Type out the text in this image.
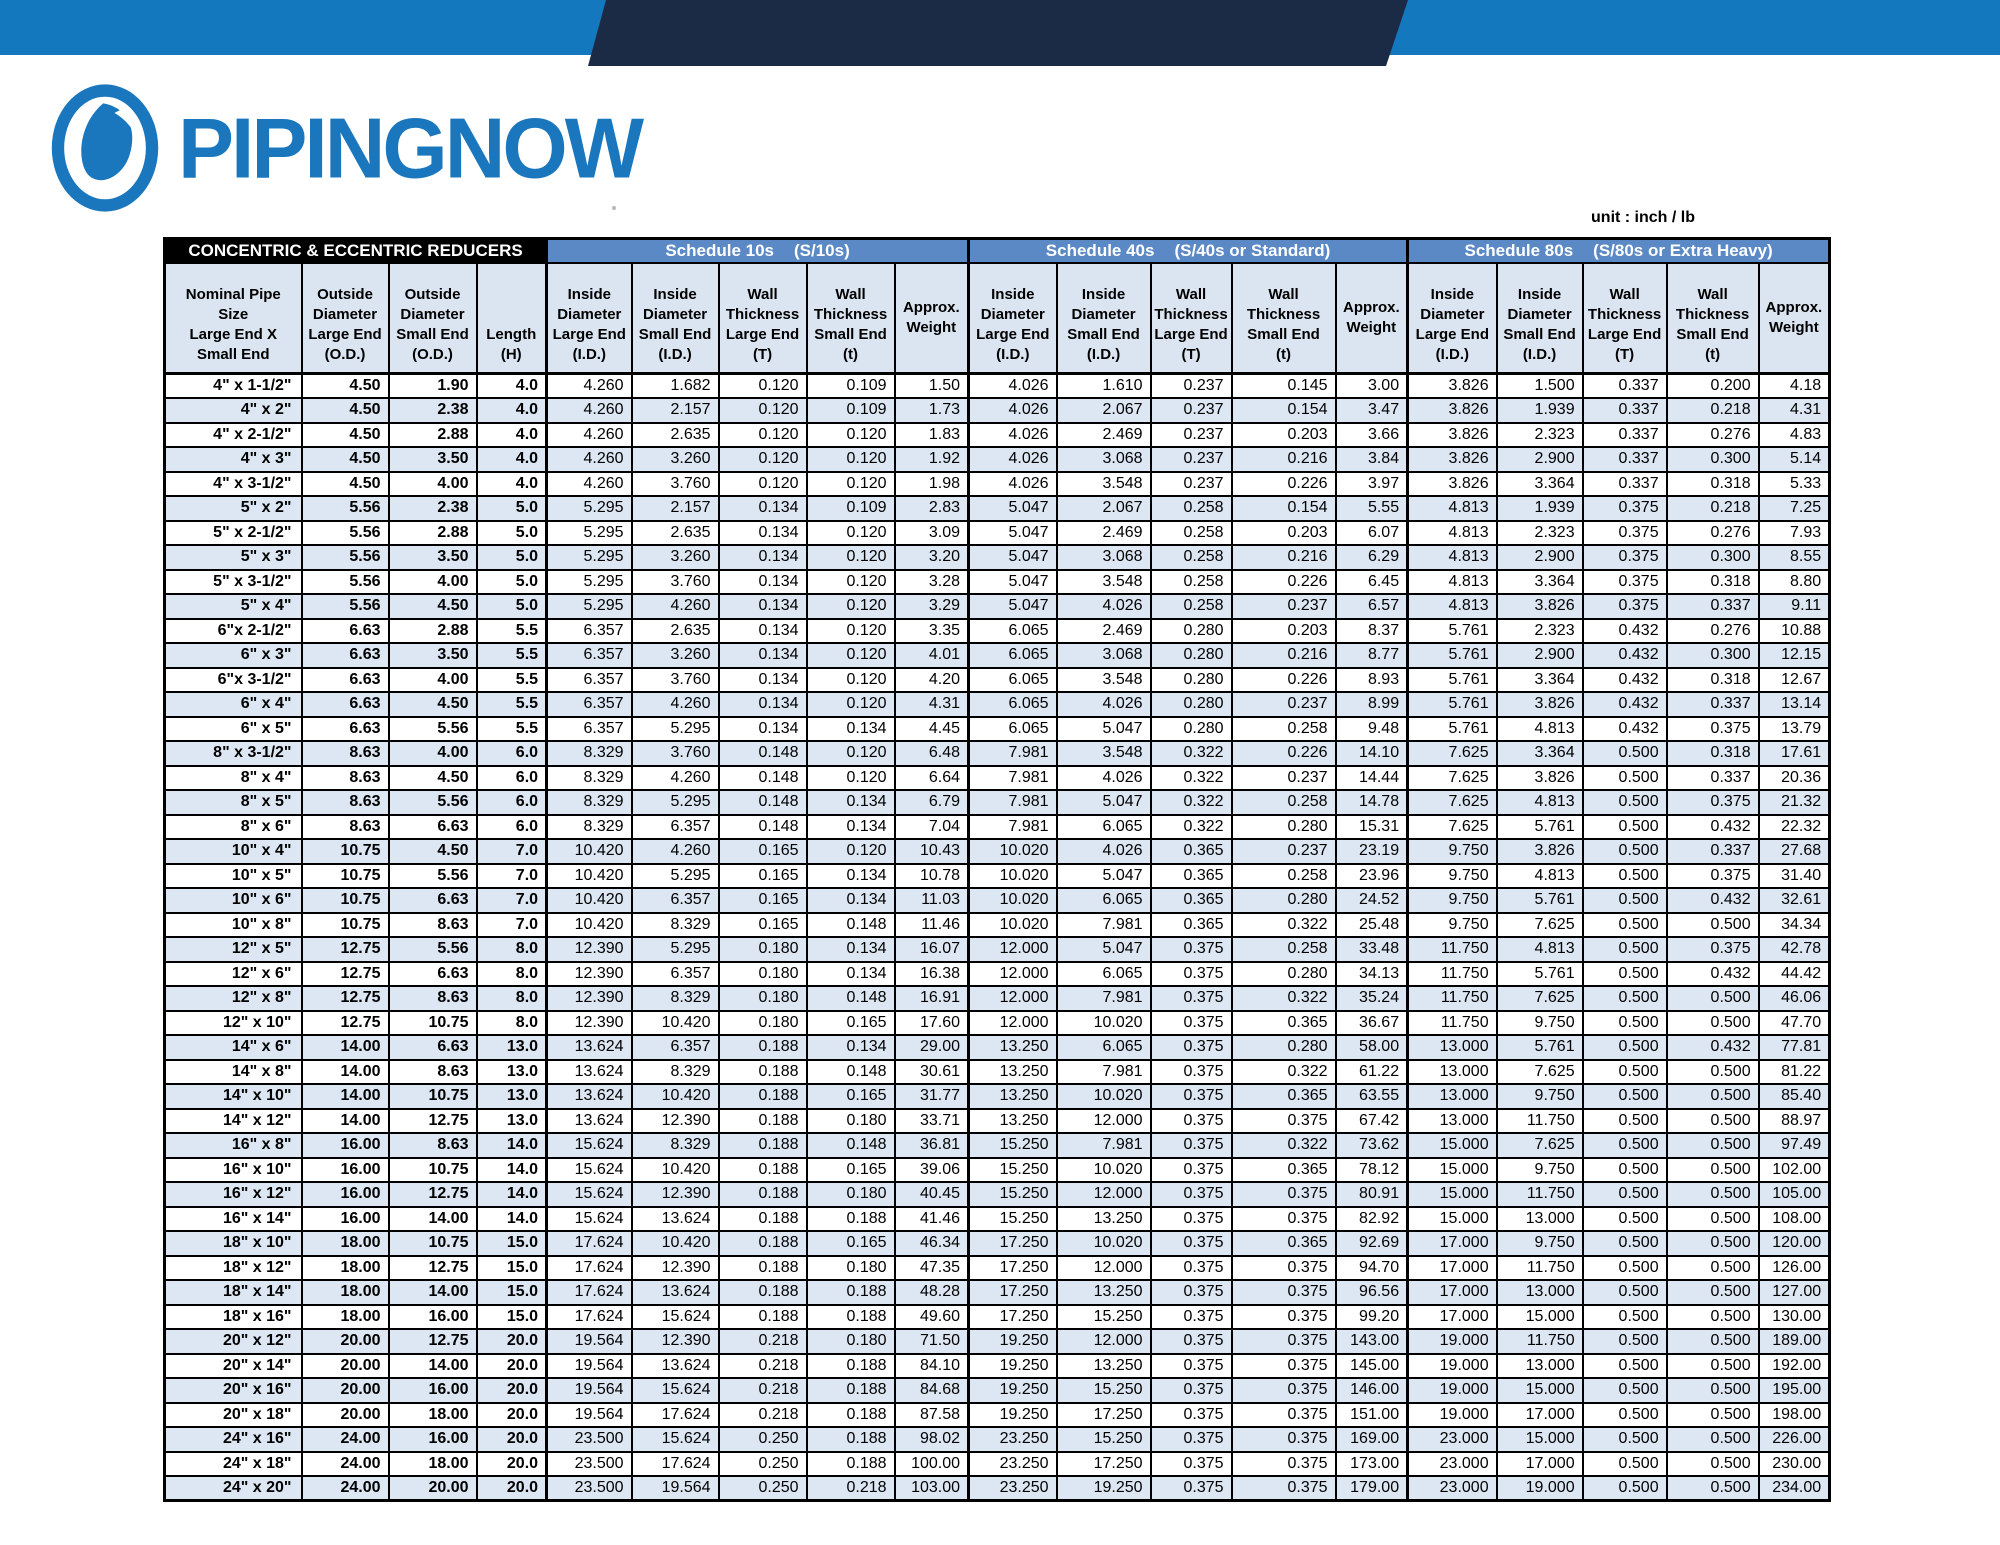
PIPINGNOW
unit : inch / lb
CONCENTRIC & ECCENTRIC REDUCERS				Schedule 10s (S/10s)					Schedule 40s (S/40s or Standard)					Schedule 80s (S/80s or Extra Heavy)				

Nominal Pipe
Size
Large End X
Small End

Outside
Diameter
Large End
(O.D.)

Outside
Diameter
Small End
(O.D.)

Length
(H)

Inside
Diameter
Large End
(I.D.)

Inside
Diameter
Small End
(I.D.)

Wall
Thickness
Large End
(T)

Wall
Thickness
Small End
(t)

Approx.
Weight

Inside
Diameter
Large End
(I.D.)

Inside
Diameter
Small End
(I.D.)

Wall
Thickness
Large End
(T)

Wall
Thickness
Small End
(t)

Approx.
Weight

Inside
Diameter
Large End
(I.D.)

Inside
Diameter
Small End
(I.D.)

Wall
Thickness
Large End
(T)

Wall
Thickness
Small End
(t)

Approx.
Weight

4" x 1-1/2"	4.50	1.90	4.0	4.260	1.682	0.120	0.109	1.50	4.026	1.610	0.237	0.145	3.00	3.826	1.500	0.337	0.200	4.18
4" x 2"	4.50	2.38	4.0	4.260	2.157	0.120	0.109	1.73	4.026	2.067	0.237	0.154	3.47	3.826	1.939	0.337	0.218	4.31
4" x 2-1/2"	4.50	2.88	4.0	4.260	2.635	0.120	0.120	1.83	4.026	2.469	0.237	0.203	3.66	3.826	2.323	0.337	0.276	4.83
4" x 3"	4.50	3.50	4.0	4.260	3.260	0.120	0.120	1.92	4.026	3.068	0.237	0.216	3.84	3.826	2.900	0.337	0.300	5.14
4" x 3-1/2"	4.50	4.00	4.0	4.260	3.760	0.120	0.120	1.98	4.026	3.548	0.237	0.226	3.97	3.826	3.364	0.337	0.318	5.33
5" x 2"	5.56	2.38	5.0	5.295	2.157	0.134	0.109	2.83	5.047	2.067	0.258	0.154	5.55	4.813	1.939	0.375	0.218	7.25
5" x 2-1/2"	5.56	2.88	5.0	5.295	2.635	0.134	0.120	3.09	5.047	2.469	0.258	0.203	6.07	4.813	2.323	0.375	0.276	7.93
5" x 3"	5.56	3.50	5.0	5.295	3.260	0.134	0.120	3.20	5.047	3.068	0.258	0.216	6.29	4.813	2.900	0.375	0.300	8.55
5" x 3-1/2"	5.56	4.00	5.0	5.295	3.760	0.134	0.120	3.28	5.047	3.548	0.258	0.226	6.45	4.813	3.364	0.375	0.318	8.80
5" x 4"	5.56	4.50	5.0	5.295	4.260	0.134	0.120	3.29	5.047	4.026	0.258	0.237	6.57	4.813	3.826	0.375	0.337	9.11
6"x 2-1/2"	6.63	2.88	5.5	6.357	2.635	0.134	0.120	3.35	6.065	2.469	0.280	0.203	8.37	5.761	2.323	0.432	0.276	10.88
6" x 3"	6.63	3.50	5.5	6.357	3.260	0.134	0.120	4.01	6.065	3.068	0.280	0.216	8.77	5.761	2.900	0.432	0.300	12.15
6"x 3-1/2"	6.63	4.00	5.5	6.357	3.760	0.134	0.120	4.20	6.065	3.548	0.280	0.226	8.93	5.761	3.364	0.432	0.318	12.67
6" x 4"	6.63	4.50	5.5	6.357	4.260	0.134	0.120	4.31	6.065	4.026	0.280	0.237	8.99	5.761	3.826	0.432	0.337	13.14
6" x 5"	6.63	5.56	5.5	6.357	5.295	0.134	0.134	4.45	6.065	5.047	0.280	0.258	9.48	5.761	4.813	0.432	0.375	13.79
8" x 3-1/2"	8.63	4.00	6.0	8.329	3.760	0.148	0.120	6.48	7.981	3.548	0.322	0.226	14.10	7.625	3.364	0.500	0.318	17.61
8" x 4"	8.63	4.50	6.0	8.329	4.260	0.148	0.120	6.64	7.981	4.026	0.322	0.237	14.44	7.625	3.826	0.500	0.337	20.36
8" x 5"	8.63	5.56	6.0	8.329	5.295	0.148	0.134	6.79	7.981	5.047	0.322	0.258	14.78	7.625	4.813	0.500	0.375	21.32
8" x 6"	8.63	6.63	6.0	8.329	6.357	0.148	0.134	7.04	7.981	6.065	0.322	0.280	15.31	7.625	5.761	0.500	0.432	22.32
10" x 4"	10.75	4.50	7.0	10.420	4.260	0.165	0.120	10.43	10.020	4.026	0.365	0.237	23.19	9.750	3.826	0.500	0.337	27.68
10" x 5"	10.75	5.56	7.0	10.420	5.295	0.165	0.134	10.78	10.020	5.047	0.365	0.258	23.96	9.750	4.813	0.500	0.375	31.40
10" x 6"	10.75	6.63	7.0	10.420	6.357	0.165	0.134	11.03	10.020	6.065	0.365	0.280	24.52	9.750	5.761	0.500	0.432	32.61
10" x 8"	10.75	8.63	7.0	10.420	8.329	0.165	0.148	11.46	10.020	7.981	0.365	0.322	25.48	9.750	7.625	0.500	0.500	34.34
12" x 5"	12.75	5.56	8.0	12.390	5.295	0.180	0.134	16.07	12.000	5.047	0.375	0.258	33.48	11.750	4.813	0.500	0.375	42.78
12" x 6"	12.75	6.63	8.0	12.390	6.357	0.180	0.134	16.38	12.000	6.065	0.375	0.280	34.13	11.750	5.761	0.500	0.432	44.42
12" x 8"	12.75	8.63	8.0	12.390	8.329	0.180	0.148	16.91	12.000	7.981	0.375	0.322	35.24	11.750	7.625	0.500	0.500	46.06
12" x 10"	12.75	10.75	8.0	12.390	10.420	0.180	0.165	17.60	12.000	10.020	0.375	0.365	36.67	11.750	9.750	0.500	0.500	47.70
14" x 6"	14.00	6.63	13.0	13.624	6.357	0.188	0.134	29.00	13.250	6.065	0.375	0.280	58.00	13.000	5.761	0.500	0.432	77.81
14" x 8"	14.00	8.63	13.0	13.624	8.329	0.188	0.148	30.61	13.250	7.981	0.375	0.322	61.22	13.000	7.625	0.500	0.500	81.22
14" x 10"	14.00	10.75	13.0	13.624	10.420	0.188	0.165	31.77	13.250	10.020	0.375	0.365	63.55	13.000	9.750	0.500	0.500	85.40
14" x 12"	14.00	12.75	13.0	13.624	12.390	0.188	0.180	33.71	13.250	12.000	0.375	0.375	67.42	13.000	11.750	0.500	0.500	88.97
16" x 8"	16.00	8.63	14.0	15.624	8.329	0.188	0.148	36.81	15.250	7.981	0.375	0.322	73.62	15.000	7.625	0.500	0.500	97.49
16" x 10"	16.00	10.75	14.0	15.624	10.420	0.188	0.165	39.06	15.250	10.020	0.375	0.365	78.12	15.000	9.750	0.500	0.500	102.00
16" x 12"	16.00	12.75	14.0	15.624	12.390	0.188	0.180	40.45	15.250	12.000	0.375	0.375	80.91	15.000	11.750	0.500	0.500	105.00
16" x 14"	16.00	14.00	14.0	15.624	13.624	0.188	0.188	41.46	15.250	13.250	0.375	0.375	82.92	15.000	13.000	0.500	0.500	108.00
18" x 10"	18.00	10.75	15.0	17.624	10.420	0.188	0.165	46.34	17.250	10.020	0.375	0.365	92.69	17.000	9.750	0.500	0.500	120.00
18" x 12"	18.00	12.75	15.0	17.624	12.390	0.188	0.180	47.35	17.250	12.000	0.375	0.375	94.70	17.000	11.750	0.500	0.500	126.00
18" x 14"	18.00	14.00	15.0	17.624	13.624	0.188	0.188	48.28	17.250	13.250	0.375	0.375	96.56	17.000	13.000	0.500	0.500	127.00
18" x 16"	18.00	16.00	15.0	17.624	15.624	0.188	0.188	49.60	17.250	15.250	0.375	0.375	99.20	17.000	15.000	0.500	0.500	130.00
20" x 12"	20.00	12.75	20.0	19.564	12.390	0.218	0.180	71.50	19.250	12.000	0.375	0.375	143.00	19.000	11.750	0.500	0.500	189.00
20" x 14"	20.00	14.00	20.0	19.564	13.624	0.218	0.188	84.10	19.250	13.250	0.375	0.375	145.00	19.000	13.000	0.500	0.500	192.00
20" x 16"	20.00	16.00	20.0	19.564	15.624	0.218	0.188	84.68	19.250	15.250	0.375	0.375	146.00	19.000	15.000	0.500	0.500	195.00
20" x 18"	20.00	18.00	20.0	19.564	17.624	0.218	0.188	87.58	19.250	17.250	0.375	0.375	151.00	19.000	17.000	0.500	0.500	198.00
24" x 16"	24.00	16.00	20.0	23.500	15.624	0.250	0.188	98.02	23.250	15.250	0.375	0.375	169.00	23.000	15.000	0.500	0.500	226.00
24" x 18"	24.00	18.00	20.0	23.500	17.624	0.250	0.188	100.00	23.250	17.250	0.375	0.375	173.00	23.000	17.000	0.500	0.500	230.00
24" x 20"	24.00	20.00	20.0	23.500	19.564	0.250	0.218	103.00	23.250	19.250	0.375	0.375	179.00	23.000	19.000	0.500	0.500	234.00
